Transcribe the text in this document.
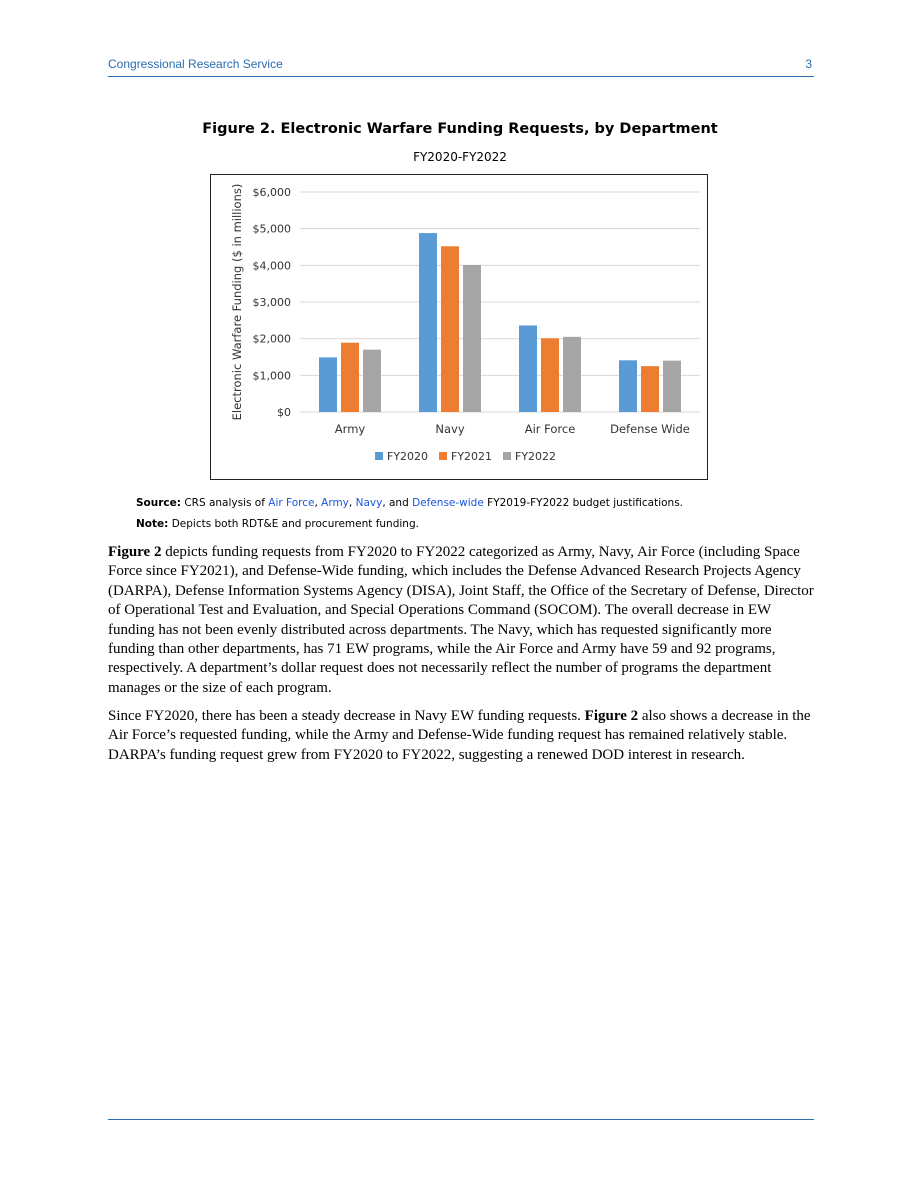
Congressional Research Service	3
Figure 2. Electronic Warfare Funding Requests, by Department
FY2020-FY2022
$0
$1,000
$2,000
$3,000
$4,000
$5,000
$6,000
Electronic Warfare Funding ($ in millions)
Army	Navy	Air Force	Defense Wide
FY2020 FY2021 FY2022
Source: CRS analysis of Air Force, Army, Navy, and Defense-wide FY2019-FY2022 budget justifications.
Note: Depicts both RDT&E and procurement funding.
Figure 2 depicts funding requests from FY2020 to FY2022 categorized as Army, Navy, Air Force (including Space Force since FY2021), and Defense-Wide funding, which includes the Defense Advanced Research Projects Agency (DARPA), Defense Information Systems Agency (DISA), Joint Staff, the Office of the Secretary of Defense, Director of Operational Test and Evaluation, and Special Operations Command (SOCOM). The overall decrease in EW funding has not been evenly distributed across departments. The Navy, which has requested significantly more funding than other departments, has 71 EW programs, while the Air Force and Army have 59 and 92 programs, respectively. A department’s dollar request does not necessarily reflect the number of programs the department manages or the size of each program.
Since FY2020, there has been a steady decrease in Navy EW funding requests. Figure 2 also shows a decrease in the Air Force’s requested funding, while the Army and Defense-Wide funding request has remained relatively stable. DARPA’s funding request grew from FY2020 to FY2022, suggesting a renewed DOD interest in research.
